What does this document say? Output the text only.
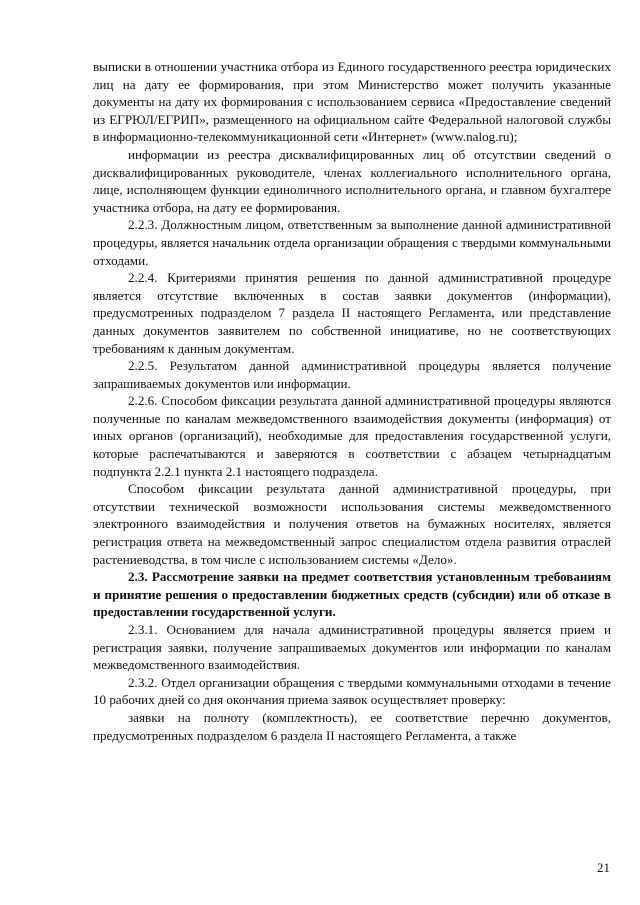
выписки в отношении участника отбора из Единого государственного реестра юридических лиц на дату ее формирования, при этом Министерство может получить указанные документы на дату их формирования с использованием сервиса «Предоставление сведений из ЕГРЮЛ/ЕГРИП», размещенного на официальном сайте Федеральной налоговой службы в информационно-телекоммуникационной сети «Интернет» (www.nalog.ru);

информации из реестра дисквалифицированных лиц об отсутствии сведений о дисквалифицированных руководителе, членах коллегиального исполнительного органа, лице, исполняющем функции единоличного исполнительного органа, и главном бухгалтере участника отбора, на дату ее формирования.

2.2.3. Должностным лицом, ответственным за выполнение данной административной процедуры, является начальник отдела организации обращения с твердыми коммунальными отходами.

2.2.4. Критериями принятия решения по данной административной процедуре является отсутствие включенных в состав заявки документов (информации), предусмотренных подразделом 7 раздела II настоящего Регламента, или представление данных документов заявителем по собственной инициативе, но не соответствующих требованиям к данным документам.

2.2.5. Результатом данной административной процедуры является получение запрашиваемых документов или информации.

2.2.6. Способом фиксации результата данной административной процедуры являются полученные по каналам межведомственного взаимодействия документы (информация) от иных органов (организаций), необходимые для предоставления государственной услуги, которые распечатываются и заверяются в соответствии с абзацем четырнадцатым подпункта 2.2.1 пункта 2.1 настоящего подраздела.

Способом фиксации результата данной административной процедуры, при отсутствии технической возможности использования системы межведомственного электронного взаимодействия и получения ответов на бумажных носителях, является регистрация ответа на межведомственный запрос специалистом отдела развития отраслей растениеводства, в том числе с использованием системы «Дело».

2.3. Рассмотрение заявки на предмет соответствия установленным требованиям и принятие решения о предоставлении бюджетных средств (субсидии) или об отказе в предоставлении государственной услуги.

2.3.1. Основанием для начала административной процедуры является прием и регистрация заявки, получение запрашиваемых документов или информации по каналам межведомственного взаимодействия.

2.3.2. Отдел организации обращения с твердыми коммунальными отходами в течение 10 рабочих дней со дня окончания приема заявок осуществляет проверку:

заявки на полноту (комплектность), ее соответствие перечню документов, предусмотренных подразделом 6 раздела II настоящего Регламента, а также

21
